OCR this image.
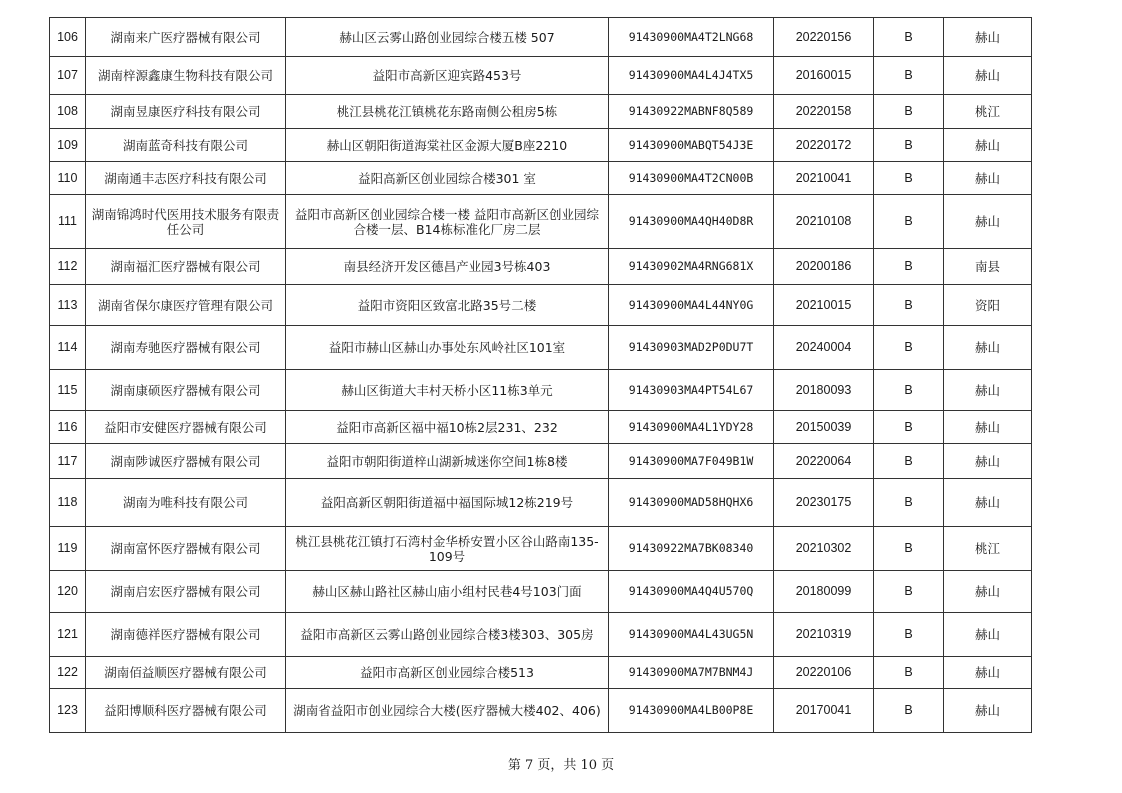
106	湖南来广医疗器械有限公司	赫山区云雾山路创业园综合楼五楼 507	91430900MA4T2LNG68	20220156	B	赫山
107	湖南梓源鑫康生物科技有限公司	益阳市高新区迎宾路453号	91430900MA4L4J4TX5	20160015	B	赫山
108	湖南昱康医疗科技有限公司	桃江县桃花江镇桃花东路南侧公租房5栋	91430922MABNF8Q589	20220158	B	桃江
109	湖南蓝奇科技有限公司	赫山区朝阳街道海棠社区金源大厦B座2210	91430900MABQT54J3E	20220172	B	赫山
110	湖南通丰志医疗科技有限公司	益阳高新区创业园综合楼301 室	91430900MA4T2CN00B	20210041	B	赫山
111	湖南锦鸿时代医用技术服务有限责任公司	益阳市高新区创业园综合楼一楼 益阳市高新区创业园综合楼一层、B14栋标准化厂房二层	91430900MA4QH40D8R	20210108	B	赫山
112	湖南福汇医疗器械有限公司	南县经济开发区德昌产业园3号栋403	91430902MA4RNG681X	20200186	B	南县
113	湖南省保尔康医疗管理有限公司	益阳市资阳区致富北路35号二楼	91430900MA4L44NY0G	20210015	B	资阳
114	湖南寿驰医疗器械有限公司	益阳市赫山区赫山办事处东风岭社区101室	91430903MAD2P0DU7T	20240004	B	赫山
115	湖南康硕医疗器械有限公司	赫山区街道大丰村天桥小区11栋3单元	91430903MA4PT54L67	20180093	B	赫山
116	益阳市安健医疗器械有限公司	益阳市高新区福中福10栋2层231、232	91430900MA4L1YDY28	20150039	B	赫山
117	湖南陟诚医疗器械有限公司	益阳市朝阳街道梓山湖新城迷你空间1栋8楼	91430900MA7F049B1W	20220064	B	赫山
118	湖南为唯科技有限公司	益阳高新区朝阳街道福中福国际城12栋219号	91430900MAD58HQHX6	20230175	B	赫山
119	湖南富怀医疗器械有限公司	桃江县桃花江镇打石湾村金华桥安置小区谷山路南135-109号	91430922MA7BK08340	20210302	B	桃江
120	湖南启宏医疗器械有限公司	赫山区赫山路社区赫山庙小组村民巷4号103门面	91430900MA4Q4U570Q	20180099	B	赫山
121	湖南德祥医疗器械有限公司	益阳市高新区云雾山路创业园综合楼3楼303、305房	91430900MA4L43UG5N	20210319	B	赫山
122	湖南佰益顺医疗器械有限公司	益阳市高新区创业园综合楼513	91430900MA7M7BNM4J	20220106	B	赫山
123	益阳博顺科医疗器械有限公司	湖南省益阳市创业园综合大楼(医疗器械大楼402、406)	91430900MA4LB00P8E	20170041	B	赫山
第 7 页，共 10 页
